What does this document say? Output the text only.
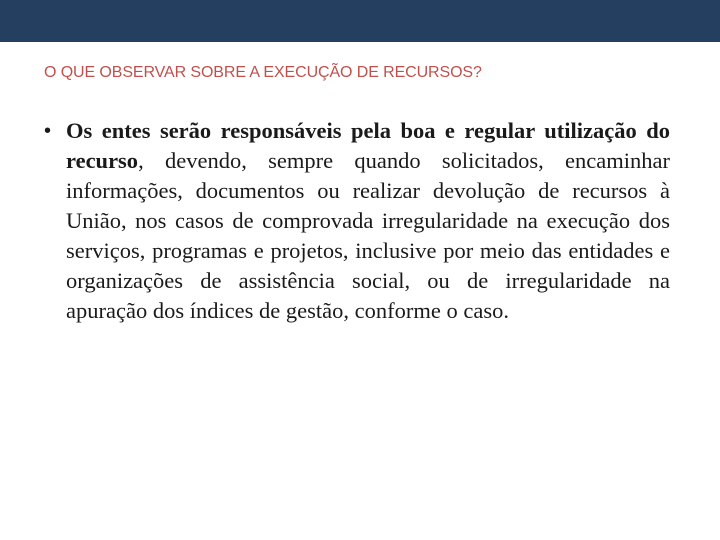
O QUE OBSERVAR SOBRE A EXECUÇÃO DE RECURSOS?
• Os entes serão responsáveis pela boa e regular utilização do recurso, devendo, sempre quando solicitados, encaminhar informações, documentos ou realizar devolução de recursos à União, nos casos de comprovada irregularidade na execução dos serviços, programas e projetos, inclusive por meio das entidades e organizações de assistência social, ou de irregularidade na apuração dos índices de gestão, conforme o caso.
